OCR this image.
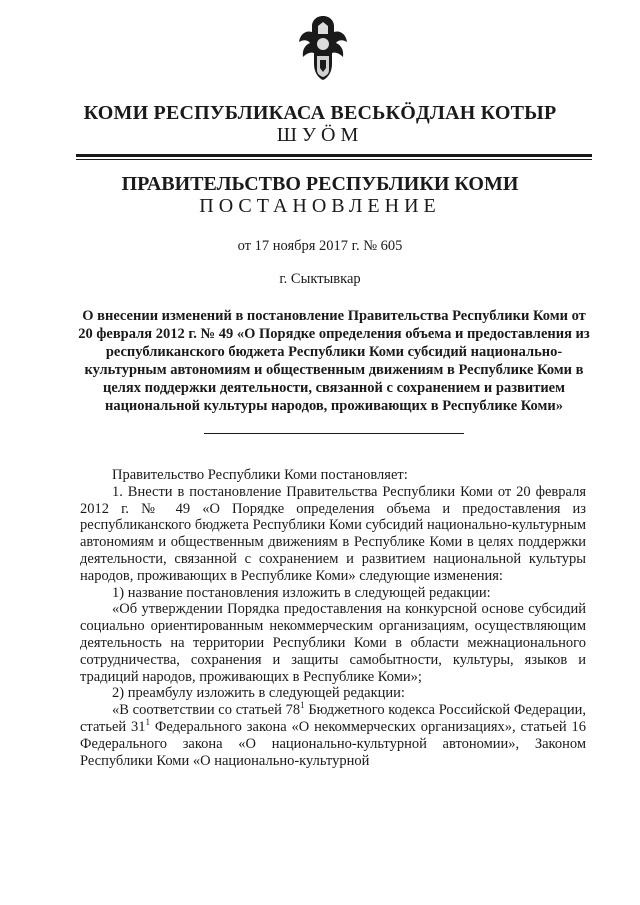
КОМИ РЕСПУБЛИКАСА ВЕСЬКӦДЛАН КОТЫР
ШУӦМ
ПРАВИТЕЛЬСТВО РЕСПУБЛИКИ КОМИ
ПОСТАНОВЛЕНИЕ
от 17 ноября 2017 г. № 605
г. Сыктывкар
О внесении изменений в постановление Правительства Республики Коми от 20 февраля 2012 г. № 49 «О Порядке определения объема и предоставления из республиканского бюджета Республики Коми субсидий национально-культурным автономиям и общественным движениям в Республике Коми в целях поддержки деятельности, связанной с сохранением и развитием национальной культуры народов, проживающих в Республике Коми»

Правительство Республики Коми постановляет:

1. Внести в постановление Правительства Республики Коми от 20 февраля 2012 г. № 49 «О Порядке определения объема и предоставления из республиканского бюджета Республики Коми субсидий национально-культурным автономиям и общественным движениям в Республике Коми в целях поддержки деятельности, связанной с сохранением и развитием национальной культуры народов, проживающих в Республике Коми» следующие изменения:

1) название постановления изложить в следующей редакции:

«Об утверждении Порядка предоставления на конкурсной основе субсидий социально ориентированным некоммерческим организациям, осуществляющим деятельность на территории Республики Коми в области межнационального сотрудничества, сохранения и защиты самобытности, культуры, языков и традиций народов, проживающих в Республике Коми»;

2) преамбулу изложить в следующей редакции:

«В соответствии со статьей $78^1$ Бюджетного кодекса Российской Федерации, статьей $31^1$ Федерального закона «О некоммерческих организациях», статьей 16 Федерального закона «О национально-культурной автономии», Законом Республики Коми «О национально-культурной
